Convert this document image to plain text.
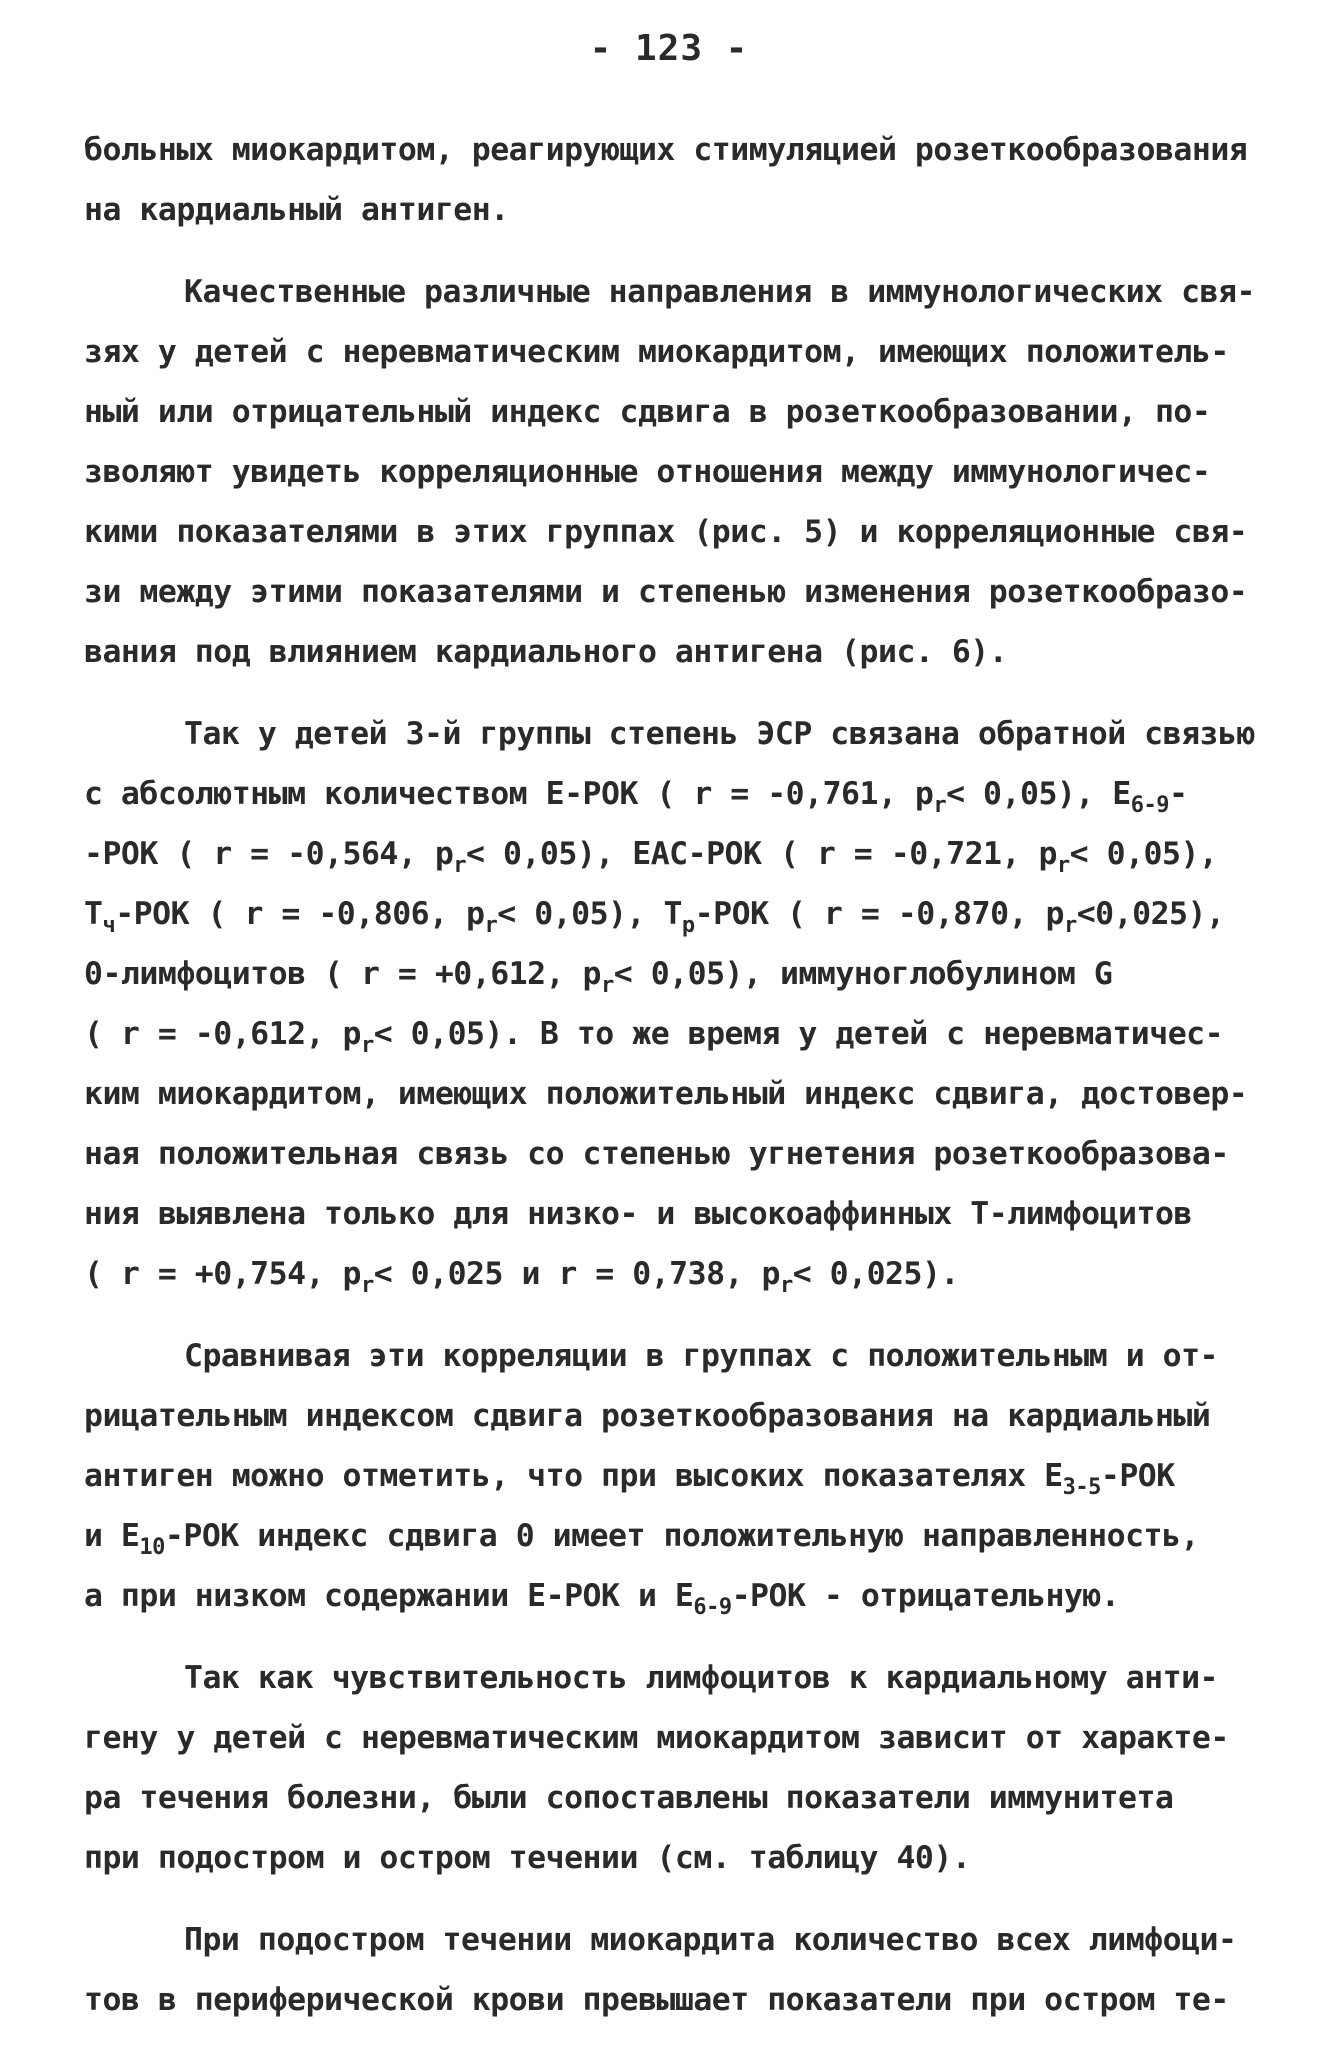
- 123 -
больных миокардитом, реагирующих стимуляцией розеткообразования
на кардиальный антиген.
Качественные различные направления в иммунологических свя-
зях у детей с неревматическим миокардитом, имеющих положитель-
ный или отрицательный индекс сдвига в розеткообразовании, по-
зволяют увидеть корреляционные отношения между иммунологичес-
кими показателями в этих группах (рис. 5) и корреляционные свя-
зи между этими показателями и степенью изменения розеткообразо-
вания под влиянием кардиального антигена (рис. 6).
Так у детей 3-й группы степень ЭСР связана обратной связью
с абсолютным количеством Е-РОК ( r = -0,761, $p_r< 0,05$), $Е_{6-9}-$
-РОК ( r = -0,564, $p_r< 0,05$), ЕАС-РОК ( r = -0,721, $p_r< 0,05$),
$Т_ч$-РОК ( r = -0,806, $p_r< 0,05$), $Т_p$-РОК ( r = -0,870, $p_r<0,025$),
0-лимфоцитов ( r = +0,612, $p_r< 0,05$), иммуноглобулином G
( r = -0,612, $p_r< 0,05$). В то же время у детей с неревматичес-
ким миокардитом, имеющих положительный индекс сдвига, достовер-
ная положительная связь со степенью угнетения розеткообразова-
ния выявлена только для низко- и высокоаффинных Т-лимфоцитов
( r = +0,754, $p_r< 0,025$ и r = 0,738, $p_r< 0,025$).
Сравнивая эти корреляции в группах с положительным и от-
рицательным индексом сдвига розеткообразования на кардиальный
антиген можно отметить, что при высоких показателях $Е_{3-5}$-РОК
и $Е_{10}$-РОК индекс сдвига 0 имеет положительную направленность,
а при низком содержании Е-РОК и $Е_{6-9}$-РОК - отрицательную.
Так как чувствительность лимфоцитов к кардиальному анти-
гену у детей с неревматическим миокардитом зависит от характе-
ра течения болезни, были сопоставлены показатели иммунитета
при подостром и остром течении (см. таблицу 40).
При подостром течении миокардита количество всех лимфоци-
тов в периферической крови превышает показатели при остром те-
